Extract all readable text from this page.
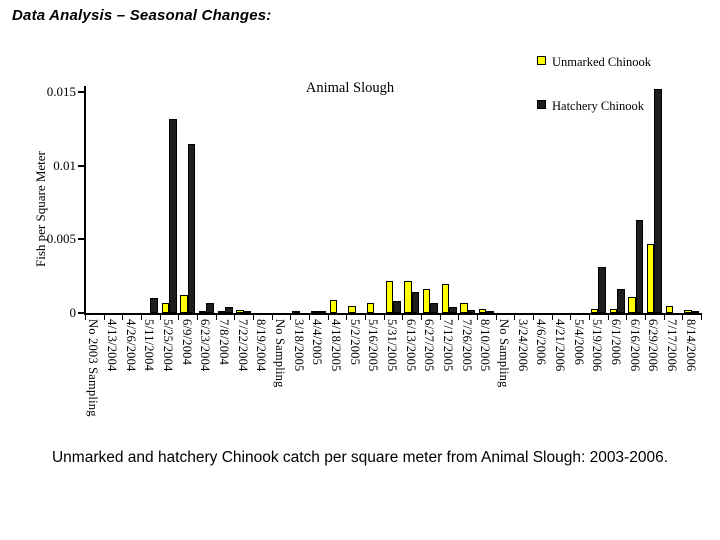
Data Analysis – Seasonal Changes:
Animal Slough
Fish per Square Meter
Unmarked Chinook
Hatchery Chinook
0
0.005
0.01
0.015
No 2003 Sampling 4/13/2004 4/26/2004 5/11/2004 5/25/2004 6/9/2004 6/23/2004 7/8/2004 7/22/2004 8/19/2004 No Sampling 3/18/2005 4/4/2005 4/18/2005 5/2/2005 5/16/2005 5/31/2005 6/13/2005 6/27/2005 7/12/2005 7/26/2005 8/10/2005 No Sampling 3/24/2006 4/6/2006 4/21/2006 5/4/2006 5/19/2006 6/1/2006 6/16/2006 6/29/2006 7/17/2006 8/14/2006
Unmarked and hatchery Chinook catch per square meter from Animal Slough: 2003-2006.
